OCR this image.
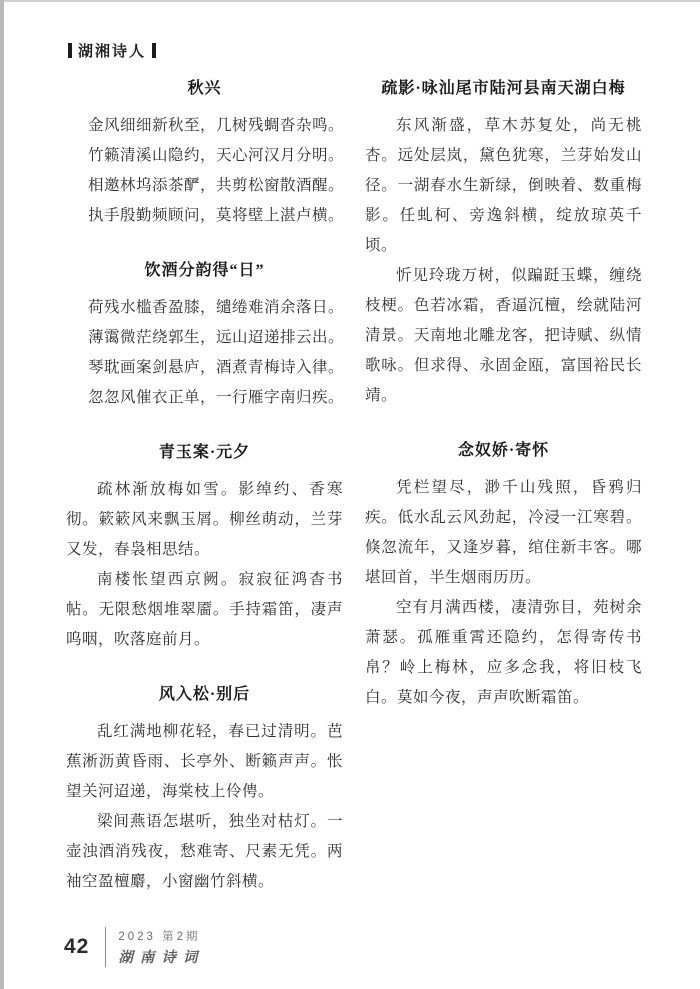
湖湘诗人
秋兴

金风细细新秋至，几树残蜩沓杂鸣。

竹籁清溪山隐约，天心河汉月分明。

相邀林坞添茶酽，共剪松窗散酒醒。

执手殷勤频顾问，莫将壁上湛卢横。

饮酒分韵得“日”

荷残水槛香盈膝，缱绻难消余落日。

薄霭微茫绕郭生，远山迢递排云出。

琴耽画案剑悬庐，酒煮青梅诗入律。

忽忽风催衣正单，一行雁字南归疾。

青玉案·元夕

疏林渐放梅如雪。影绰约、香寒彻。簌簌风来飘玉屑。柳丝萌动，兰芽又发，春袅相思结。

南楼怅望西京阙。寂寂征鸿杳书帖。无限愁烟堆翠靥。手持霜笛，凄声呜咽，吹落庭前月。

风入松·别后

乱红满地柳花轻，春已过清明。芭蕉淅沥黄昏雨、长亭外、断籁声声。怅望关河迢递，海棠枝上伶俜。

梁间燕语怎堪听，独坐对枯灯。一壶浊酒消残夜，愁难寄、尺素无凭。两袖空盈檀麝，小窗幽竹斜横。

疏影·咏汕尾市陆河县南天湖白梅

东风渐盛，草木苏复处，尚无桃杏。远处层岚，黛色犹寒，兰芽始发山径。一湖春水生新绿，倒映着、数重梅影。任虬柯、旁逸斜横，绽放琼英千顷。

忻见玲珑万树，似蹁跹玉蝶，缠绕枝梗。色若冰霜，香逼沉檀，绘就陆河清景。天南地北雕龙客，把诗赋、纵情歌咏。但求得、永固金瓯，富国裕民长靖。

念奴娇·寄怀

凭栏望尽，渺千山残照，昏鸦归疾。低水乱云风劲起，冷浸一江寒碧。倏忽流年，又逢岁暮，绾住新丰客。哪堪回首，半生烟雨历历。

空有月满西楼，凄清弥目，苑树余萧瑟。孤雁重霄还隐约，怎得寄传书帛？岭上梅林，应多念我，将旧枝飞白。莫如今夜，声声吹断霜笛。

42	2023 第2期
湖南诗词
